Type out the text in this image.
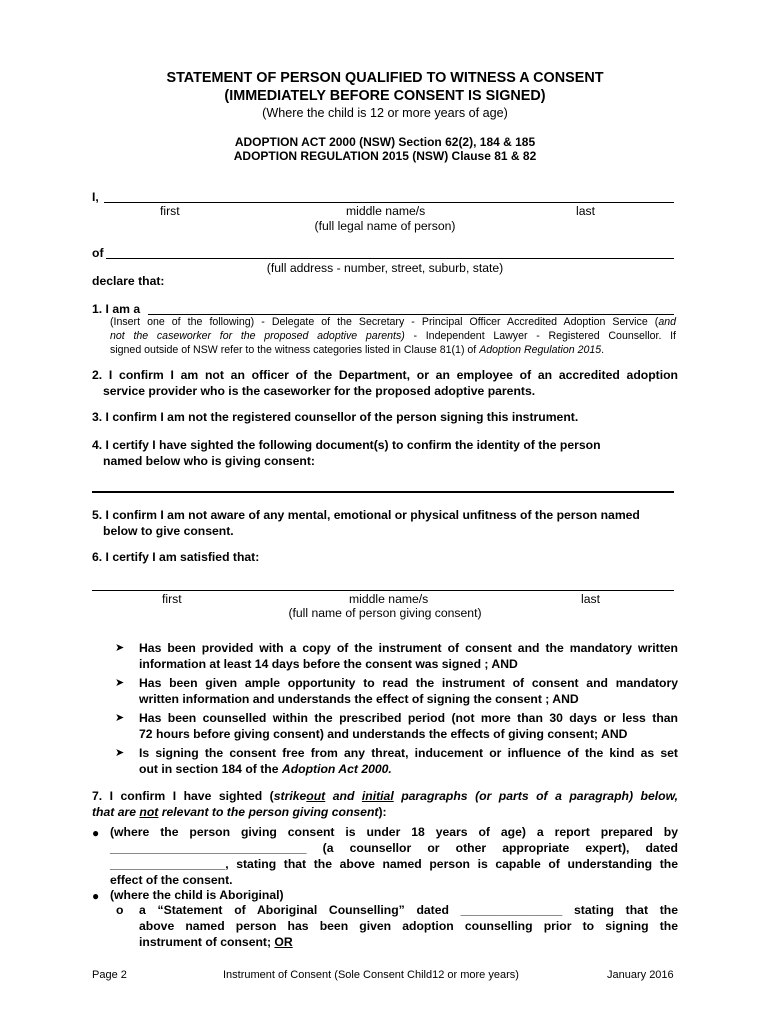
STATEMENT OF PERSON QUALIFIED TO WITNESS A CONSENT
(IMMEDIATELY BEFORE CONSENT IS SIGNED)
(Where the child is 12 or more years of age)
ADOPTION ACT 2000 (NSW) Section 62(2), 184 & 185
ADOPTION REGULATION 2015 (NSW) Clause 81 & 82
I,
first	middle name/s	last
(full legal name of person)
of
(full address - number, street, suburb, state)
declare that:
1. I am a
(Insert one of the following) - Delegate of the Secretary - Principal Officer Accredited Adoption Service (and
not the caseworker for the proposed adoptive parents) - Independent Lawyer - Registered Counsellor. If
signed outside of NSW refer to the witness categories listed in Clause 81(1) of Adoption Regulation 2015.
2. I confirm I am not an officer of the Department, or an employee of an accredited adoption
service provider who is the caseworker for the proposed adoptive parents.
3. I confirm I am not the registered counsellor of the person signing this instrument.
4. I certify I have sighted the following document(s) to confirm the identity of the person
named below who is giving consent:
5. I confirm I am not aware of any mental, emotional or physical unfitness of the person named
below to give consent.
6. I certify I am satisfied that:
first	middle name/s	last
(full name of person giving consent)
➤ Has been provided with a copy of the instrument of consent and the mandatory written
information at least 14 days before the consent was signed ; AND
➤ Has been given ample opportunity to read the instrument of consent and mandatory
written information and understands the effect of signing the consent ; AND
➤ Has been counselled within the prescribed period (not more than 30 days or less than
72 hours before giving consent) and understands the effects of giving consent; AND
➤ Is signing the consent free from any threat, inducement or influence of the kind as set
out in section 184 of the Adoption Act 2000.
7. I confirm I have sighted (strikeout and initial paragraphs (or parts of a paragraph) below,
that are not relevant to the person giving consent):
● (where the person giving consent is under 18 years of age) a report prepared by
_____________________________ (a counsellor or other appropriate expert), dated
_________________, stating that the above named person is capable of understanding the
effect of the consent.
● (where the child is Aboriginal)
o a “Statement of Aboriginal Counselling” dated _______________ stating that the
above named person has been given adoption counselling prior to signing the
instrument of consent; OR
Page 2	Instrument of Consent (Sole Consent Child12 or more years)	January 2016
